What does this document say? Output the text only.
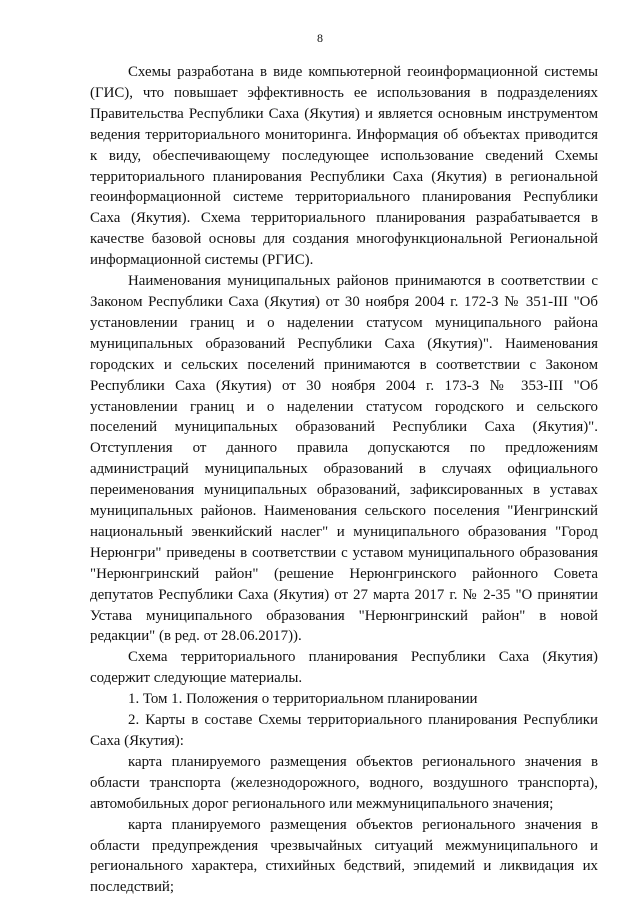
8

Схемы разработана в виде компьютерной геоинформационной системы (ГИС), что повышает эффективность ее использования в подразделениях Правительства Республики Саха (Якутия) и является основным инструментом ведения территориального мониторинга. Информация об объектах приводится к виду, обеспечивающему последующее использование сведений Схемы территориального планирования Республики Саха (Якутия) в региональной геоинформационной системе территориального планирования Республики Саха (Якутия). Схема территориального планирования разрабатывается в качестве базовой основы для создания многофункциональной Региональной информационной системы (РГИС).

Наименования муниципальных районов принимаются в соответствии с Законом Республики Саха (Якутия) от 30 ноября 2004 г. 172-З № 351-III "Об установлении границ и о наделении статусом муниципального района муниципальных образований Республики Саха (Якутия)". Наименования городских и сельских поселений принимаются в соответствии с Законом Республики Саха (Якутия) от 30 ноября 2004 г. 173-З № 353-III "Об установлении границ и о наделении статусом городского и сельского поселений муниципальных образований Республики Саха (Якутия)". Отступления от данного правила допускаются по предложениям администраций муниципальных образований в случаях официального переименования муниципальных образований, зафиксированных в уставах муниципальных районов. Наименования сельского поселения "Иенгринский национальный эвенкийский наслег" и муниципального образования "Город Нерюнгри" приведены в соответствии с уставом муниципального образования "Нерюнгринский район" (решение Нерюнгринского районного Совета депутатов Республики Саха (Якутия) от 27 марта 2017 г. № 2-35 "О принятии Устава муниципального образования "Нерюнгринский район" в новой редакции" (в ред. от 28.06.2017)).

Схема территориального планирования Республики Саха (Якутия) содержит следующие материалы.

1. Том 1. Положения о территориальном планировании

2. Карты в составе Схемы территориального планирования Республики Саха (Якутия):

карта планируемого размещения объектов регионального значения в области транспорта (железнодорожного, водного, воздушного транспорта), автомобильных дорог регионального или межмуниципального значения;

карта планируемого размещения объектов регионального значения в области предупреждения чрезвычайных ситуаций межмуниципального и регионального характера, стихийных бедствий, эпидемий и ликвидация их последствий;
